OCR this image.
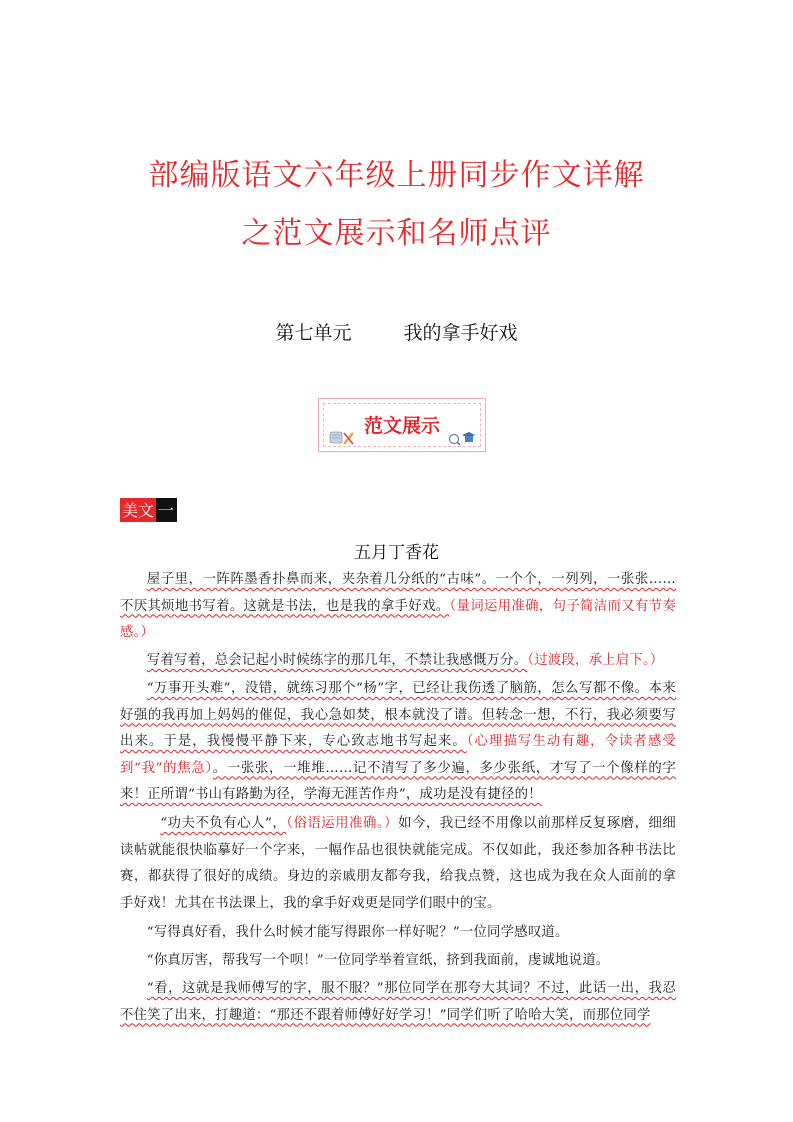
部编版语文六年级上册同步作文详解
之范文展示和名师点评
第七单元	我的拿手好戏
范文展示
美文 一
五月丁香花

屋子里，一阵阵墨香扑鼻而来，夹杂着几分纸的“古味”。一个个，一列列，一张张……不厌其烦地书写着。这就是书法，也是我的拿手好戏。（量词运用准确，句子简洁而又有节奏感。）

写着写着，总会记起小时候练字的那几年，不禁让我感慨万分。（过渡段，承上启下。）

“万事开头难”，没错，就练习那个“杨”字，已经让我伤透了脑筋，怎么写都不像。本来好强的我再加上妈妈的催促，我心急如焚，根本就没了谱。但转念一想，不行，我必须要写出来。于是，我慢慢平静下来，专心致志地书写起来。（心理描写生动有趣，令读者感受到“我”的焦急）。一张张，一堆堆……记不清写了多少遍，多少张纸，才写了一个像样的字来！正所谓“书山有路勤为径，学海无涯苦作舟”，成功是没有捷径的！

“功夫不负有心人”，（俗语运用准确。）如今，我已经不用像以前那样反复琢磨，细细读帖就能很快临摹好一个字来，一幅作品也很快就能完成。不仅如此，我还参加各种书法比赛，都获得了很好的成绩。身边的亲戚朋友都夸我，给我点赞，这也成为我在众人面前的拿手好戏！尤其在书法课上，我的拿手好戏更是同学们眼中的宝。

“写得真好看，我什么时候才能写得跟你一样好呢？”一位同学感叹道。

“你真厉害，帮我写一个呗！”一位同学举着宣纸，挤到我面前，虔诚地说道。

“看，这就是我师傅写的字，服不服？”那位同学在那夸大其词？不过，此话一出，我忍不住笑了出来，打趣道：“那还不跟着师傅好好学习！”同学们听了哈哈大笑，而那位同学
